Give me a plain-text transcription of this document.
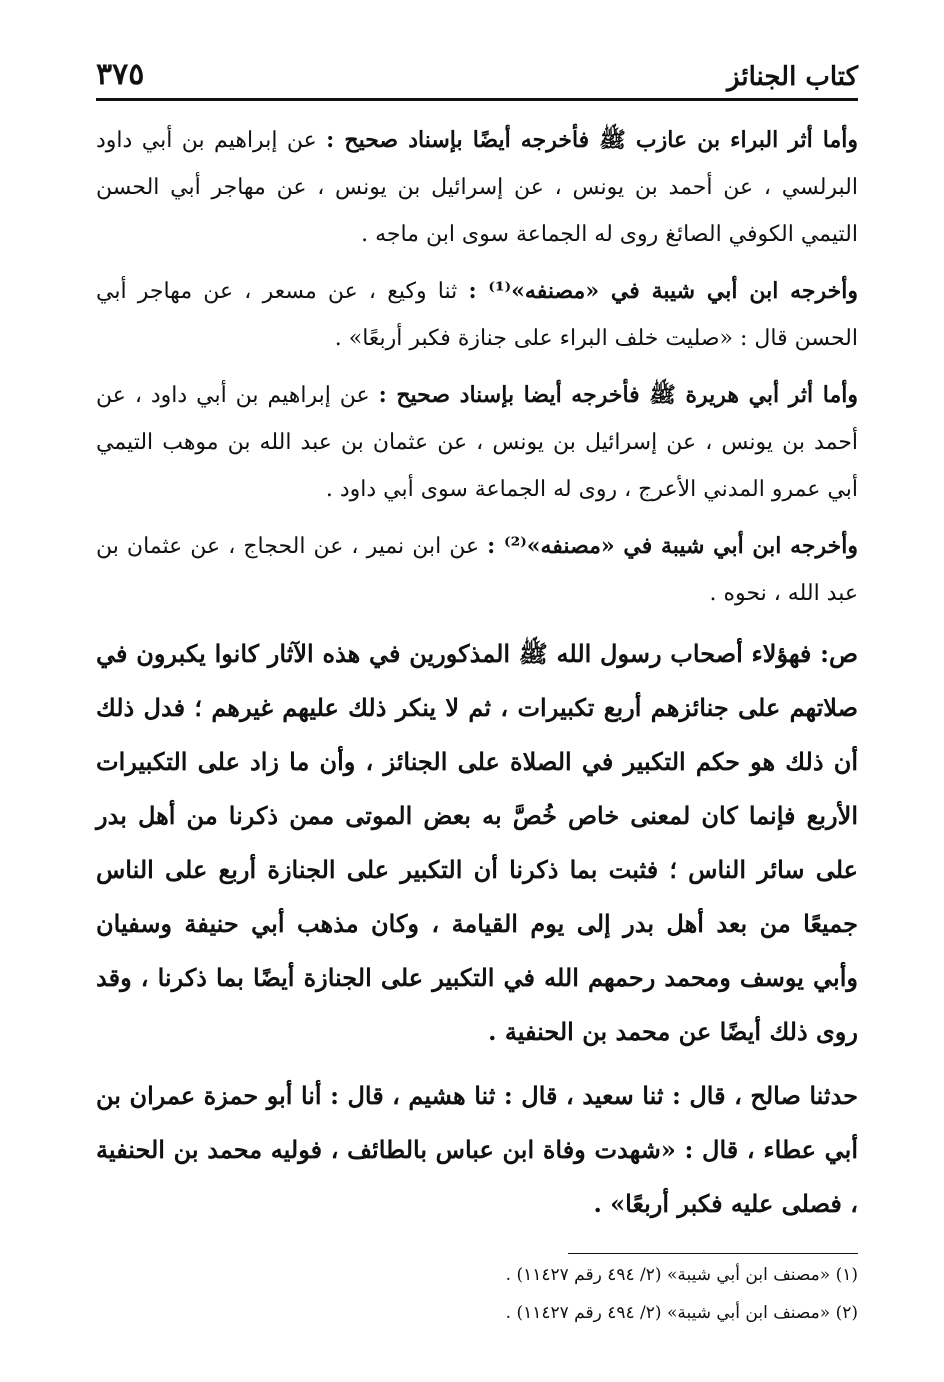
كتاب الجنائز
٣٧٥

وأما أثر البراء بن عازب ﷺ فأخرجه أيضًا بإسناد صحيح : عن إبراهيم بن أبي داود البرلسي ، عن أحمد بن يونس ، عن إسرائيل بن يونس ، عن مهاجر أبي الحسن التيمي الكوفي الصائغ روى له الجماعة سوى ابن ماجه .

وأخرجه ابن أبي شيبة في «مصنفه»⁽¹⁾ : ثنا وكيع ، عن مسعر ، عن مهاجر أبي الحسن قال : «صليت خلف البراء على جنازة فكبر أربعًا» .

وأما أثر أبي هريرة ﷺ فأخرجه أيضا بإسناد صحيح : عن إبراهيم بن أبي داود ، عن أحمد بن يونس ، عن إسرائيل بن يونس ، عن عثمان بن عبد الله بن موهب التيمي أبي عمرو المدني الأعرج ، روى له الجماعة سوى أبي داود .

وأخرجه ابن أبي شيبة في «مصنفه»⁽²⁾ : عن ابن نمير ، عن الحجاج ، عن عثمان بن عبد الله ، نحوه .

ص: فهؤلاء أصحاب رسول الله ﷺ المذكورين في هذه الآثار كانوا يكبرون في صلاتهم على جنائزهم أربع تكبيرات ، ثم لا ينكر ذلك عليهم غيرهم ؛ فدل ذلك أن ذلك هو حكم التكبير في الصلاة على الجنائز ، وأن ما زاد على التكبيرات الأربع فإنما كان لمعنى خاص خُصَّ به بعض الموتى ممن ذكرنا من أهل بدر على سائر الناس ؛ فثبت بما ذكرنا أن التكبير على الجنازة أربع على الناس جميعًا من بعد أهل بدر إلى يوم القيامة ، وكان مذهب أبي حنيفة وسفيان وأبي يوسف ومحمد رحمهم الله في التكبير على الجنازة أيضًا بما ذكرنا ، وقد روى ذلك أيضًا عن محمد بن الحنفية .

حدثنا صالح ، قال : ثنا سعيد ، قال : ثنا هشيم ، قال : أنا أبو حمزة عمران بن أبي عطاء ، قال : «شهدت وفاة ابن عباس بالطائف ، فوليه محمد بن الحنفية ، فصلى عليه فكبر أربعًا» .

(١) «مصنف ابن أبي شيبة» (٢/ ٤٩٤ رقم ١١٤٢٧) .

(٢) «مصنف ابن أبي شيبة» (٢/ ٤٩٤ رقم ١١٤٢٧) .
